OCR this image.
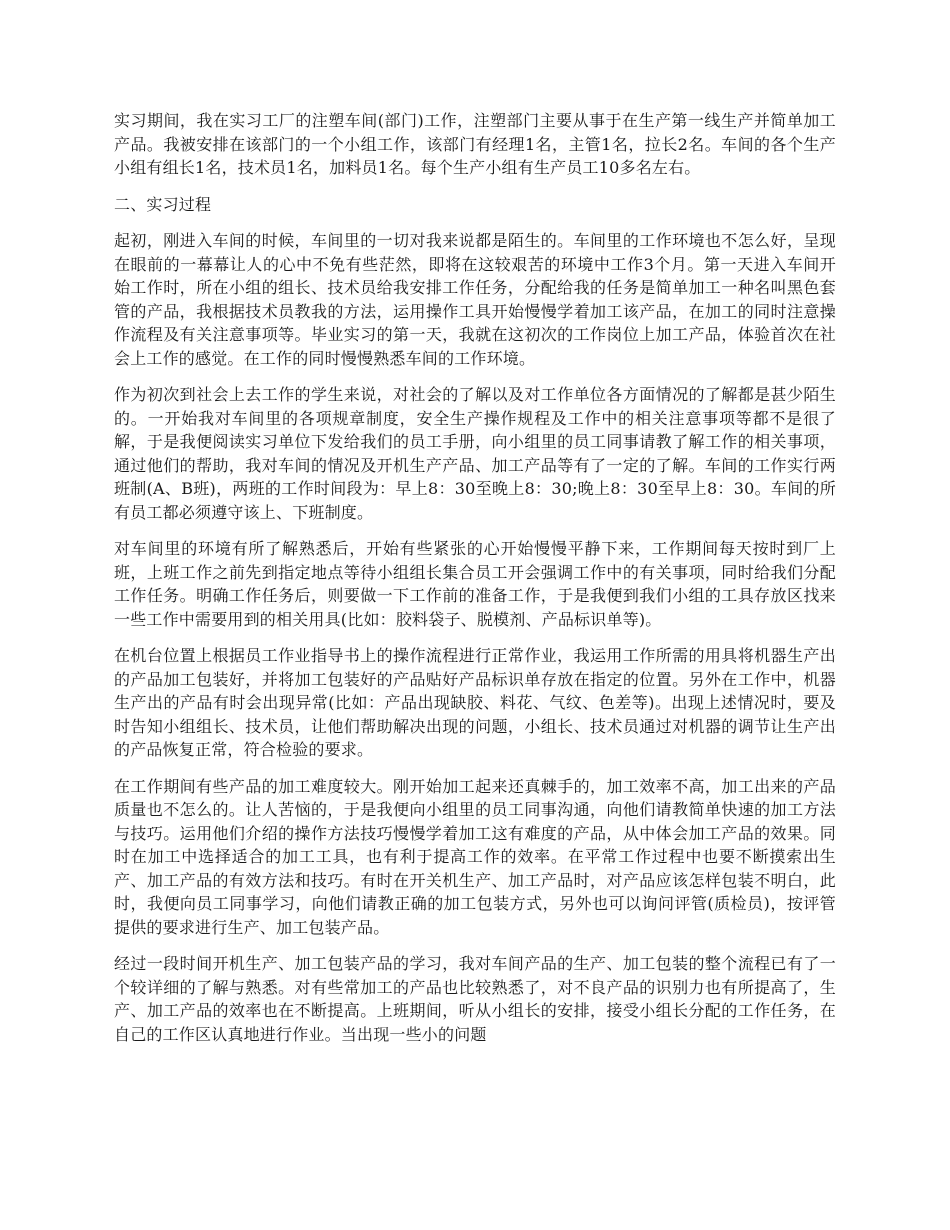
实习期间，我在实习工厂的注塑车间(部门)工作，注塑部门主要从事于在生产第一线生产并简单加工产品。我被安排在该部门的一个小组工作，该部门有经理1名，主管1名，拉长2名。车间的各个生产小组有组长1名，技术员1名，加料员1名。每个生产小组有生产员工10多名左右。

二、实习过程

起初，刚进入车间的时候，车间里的一切对我来说都是陌生的。车间里的工作环境也不怎么好，呈现在眼前的一幕幕让人的心中不免有些茫然，即将在这较艰苦的环境中工作3个月。第一天进入车间开始工作时，所在小组的组长、技术员给我安排工作任务，分配给我的任务是简单加工一种名叫黑色套管的产品，我根据技术员教我的方法，运用操作工具开始慢慢学着加工该产品，在加工的同时注意操作流程及有关注意事项等。毕业实习的第一天，我就在这初次的工作岗位上加工产品，体验首次在社会上工作的感觉。在工作的同时慢慢熟悉车间的工作环境。

作为初次到社会上去工作的学生来说，对社会的了解以及对工作单位各方面情况的了解都是甚少陌生的。一开始我对车间里的各项规章制度，安全生产操作规程及工作中的相关注意事项等都不是很了解，于是我便阅读实习单位下发给我们的员工手册，向小组里的员工同事请教了解工作的相关事项，通过他们的帮助，我对车间的情况及开机生产产品、加工产品等有了一定的了解。车间的工作实行两班制(A、B班)，两班的工作时间段为：早上8：30至晚上8：30;晚上8：30至早上8：30。车间的所有员工都必须遵守该上、下班制度。

对车间里的环境有所了解熟悉后，开始有些紧张的心开始慢慢平静下来，工作期间每天按时到厂上班，上班工作之前先到指定地点等待小组组长集合员工开会强调工作中的有关事项，同时给我们分配工作任务。明确工作任务后，则要做一下工作前的准备工作，于是我便到我们小组的工具存放区找来一些工作中需要用到的相关用具(比如：胶料袋子、脱模剂、产品标识单等)。

在机台位置上根据员工作业指导书上的操作流程进行正常作业，我运用工作所需的用具将机器生产出的产品加工包装好，并将加工包装好的产品贴好产品标识单存放在指定的位置。另外在工作中，机器生产出的产品有时会出现异常(比如：产品出现缺胶、料花、气纹、色差等)。出现上述情况时，要及时告知小组组长、技术员，让他们帮助解决出现的问题，小组长、技术员通过对机器的调节让生产出的产品恢复正常，符合检验的要求。

在工作期间有些产品的加工难度较大。刚开始加工起来还真棘手的，加工效率不高，加工出来的产品质量也不怎么的。让人苦恼的，于是我便向小组里的员工同事沟通，向他们请教简单快速的加工方法与技巧。运用他们介绍的操作方法技巧慢慢学着加工这有难度的产品，从中体会加工产品的效果。同时在加工中选择适合的加工工具，也有利于提高工作的效率。在平常工作过程中也要不断摸索出生产、加工产品的有效方法和技巧。有时在开关机生产、加工产品时，对产品应该怎样包装不明白，此时，我便向员工同事学习，向他们请教正确的加工包装方式，另外也可以询问评管(质检员)，按评管提供的要求进行生产、加工包装产品。

经过一段时间开机生产、加工包装产品的学习，我对车间产品的生产、加工包装的整个流程已有了一个较详细的了解与熟悉。对有些常加工的产品也比较熟悉了，对不良产品的识别力也有所提高了，生产、加工产品的效率也在不断提高。上班期间，听从小组长的安排，接受小组长分配的工作任务，在自己的工作区认真地进行作业。当出现一些小的问题
